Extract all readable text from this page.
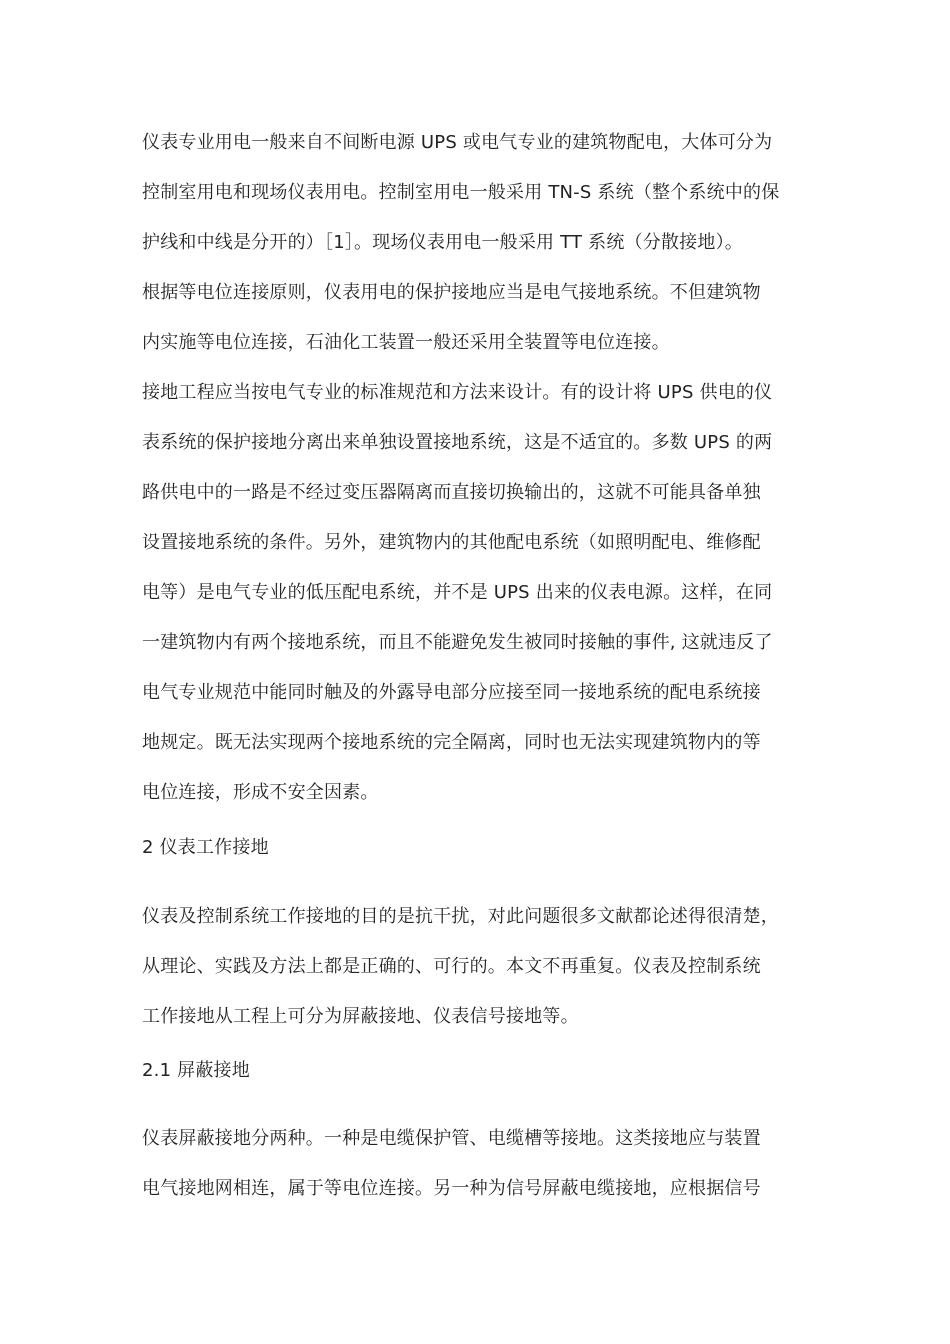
仪表专业用电一般来自不间断电源 UPS 或电气专业的建筑物配电，大体可分为
控制室用电和现场仪表用电。控制室用电一般采用 TN-S 系统（整个系统中的保
护线和中线是分开的）［1］。现场仪表用电一般采用 TT 系统（分散接地）。
根据等电位连接原则，仪表用电的保护接地应当是电气接地系统。不但建筑物
内实施等电位连接，石油化工装置一般还采用全装置等电位连接。
接地工程应当按电气专业的标准规范和方法来设计。有的设计将 UPS 供电的仪
表系统的保护接地分离出来单独设置接地系统，这是不适宜的。多数 UPS 的两
路供电中的一路是不经过变压器隔离而直接切换输出的，这就不可能具备单独
设置接地系统的条件。另外，建筑物内的其他配电系统（如照明配电、维修配
电等）是电气专业的低压配电系统，并不是 UPS 出来的仪表电源。这样，在同
一建筑物内有两个接地系统，而且不能避免发生被同时接触的事件, 这就违反了
电气专业规范中能同时触及的外露导电部分应接至同一接地系统的配电系统接
地规定。既无法实现两个接地系统的完全隔离，同时也无法实现建筑物内的等
电位连接，形成不安全因素。
2 仪表工作接地
仪表及控制系统工作接地的目的是抗干扰，对此问题很多文献都论述得很清楚，
从理论、实践及方法上都是正确的、可行的。本文不再重复。仪表及控制系统
工作接地从工程上可分为屏蔽接地、仪表信号接地等。
2.1 屏蔽接地
仪表屏蔽接地分两种。一种是电缆保护管、电缆槽等接地。这类接地应与装置
电气接地网相连，属于等电位连接。另一种为信号屏蔽电缆接地，应根据信号
